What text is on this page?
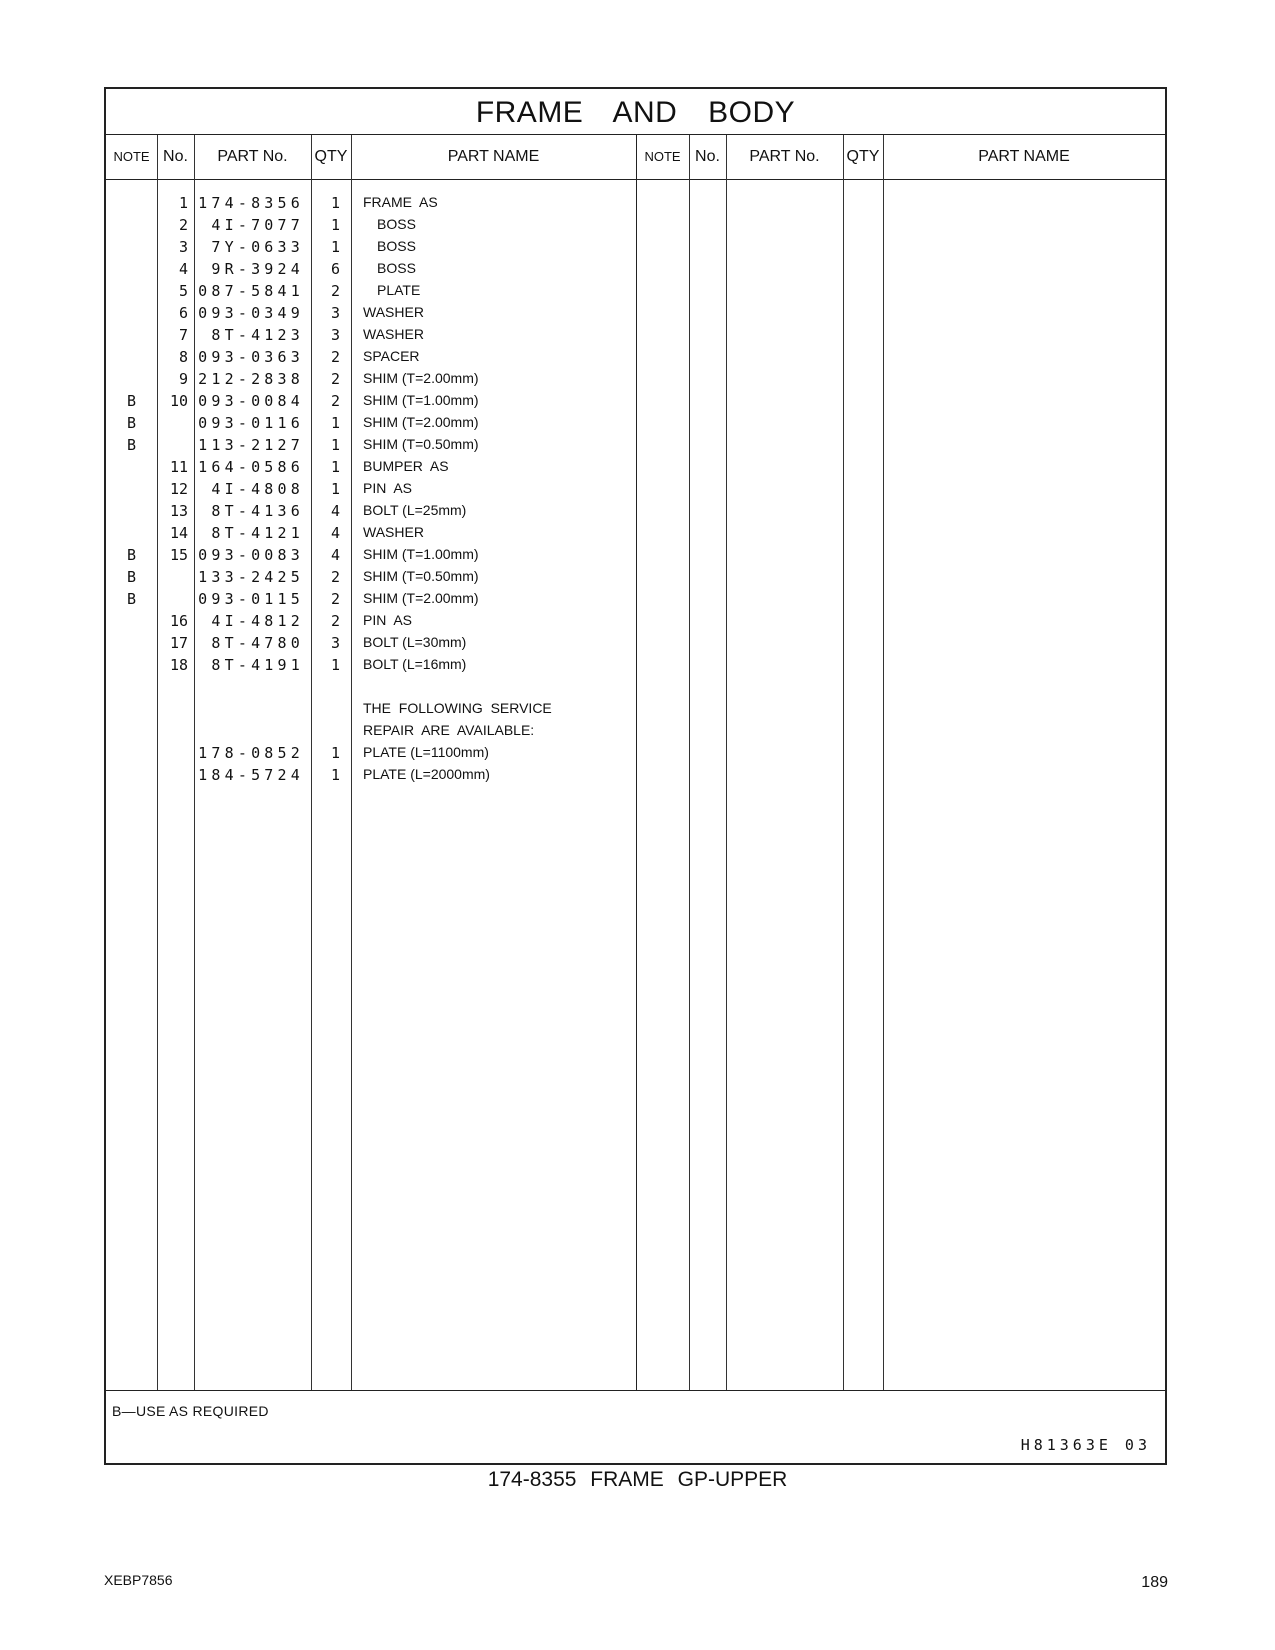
FRAME AND BODY
NOTE No.	PART No.	QTY	PART NAME	NOTE No.	PART No.	QTY	PART NAME
1 174-8356	1 FRAME  AS
2	4I-7077	1	BOSS
3	7Y-0633	1	BOSS
4	9R-3924	6	BOSS
5 087-5841	2	PLATE
6 093-0349	3 WASHER
7	8T-4123	3 WASHER
8 093-0363	2 SPACER
9 212-2838	2 SHIM (T=2.00mm)
B	10 093-0084	2 SHIM (T=1.00mm)
B	093-0116	1 SHIM (T=2.00mm)
B	113-2127	1 SHIM (T=0.50mm)
11 164-0586	1 BUMPER  AS
12	4I-4808	1 PIN  AS
13	8T-4136	4 BOLT (L=25mm)
14	8T-4121	4 WASHER
B	15 093-0083	4 SHIM (T=1.00mm)
B	133-2425	2 SHIM (T=0.50mm)
B	093-0115	2 SHIM (T=2.00mm)
16	4I-4812	2 PIN  AS
17	8T-4780	3 BOLT (L=30mm)
18	8T-4191	1 BOLT (L=16mm)
THE  FOLLOWING  SERVICE
REPAIR  ARE  AVAILABLE:
178-0852	1 PLATE (L=1100mm)
184-5724	1 PLATE (L=2000mm)
B—USE AS REQUIRED
H81363E 03
174-8355 FRAME GP-UPPER
XEBP7856	189
